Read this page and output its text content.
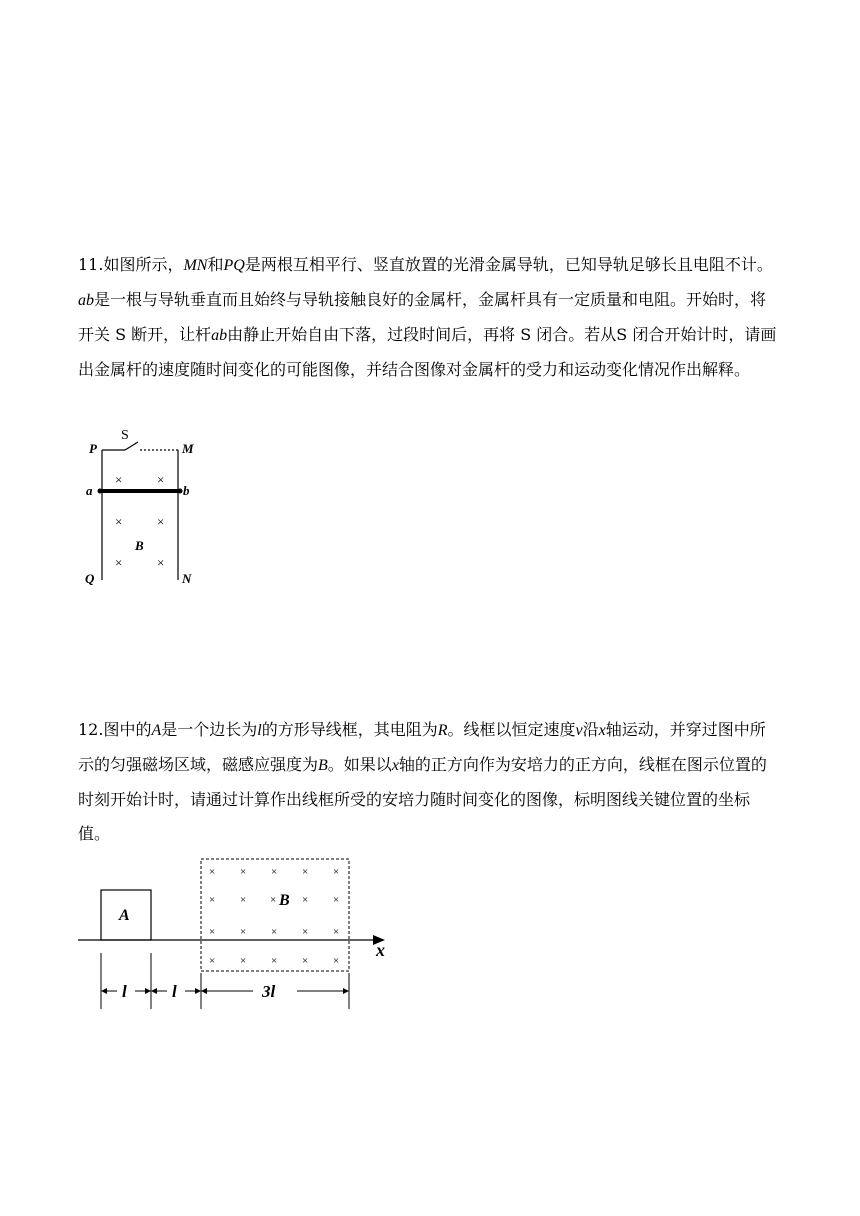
11.如图所示，MN和PQ是两根互相平行、竖直放置的光滑金属导轨，已知导轨足够长且电阻不计。ab是一根与导轨垂直而且始终与导轨接触良好的金属杆，金属杆具有一定质量和电阻。开始时，将开关 S 断开，让杆ab由静止开始自由下落，过段时间后，再将 S 闭合。若从S 闭合开始计时，请画出金属杆的速度随时间变化的可能图像，并结合图像对金属杆的受力和运动变化情况作出解释。

S
P	M
a	b
B
Q	N
×	×
×	×
×	×

12.图中的A是一个边长为l的方形导线框，其电阻为R。线框以恒定速度v沿x轴运动，并穿过图中所示的匀强磁场区域，磁感应强度为B。如果以x轴的正方向作为安培力的正方向，线框在图示位置的时刻开始计时，请通过计算作出线框所受的安培力随时间变化的图像，标明图线关键位置的坐标值。

A
B
x
× × × × ×
× × × × ×
× × × × ×
× × × × ×
l	l	3l
